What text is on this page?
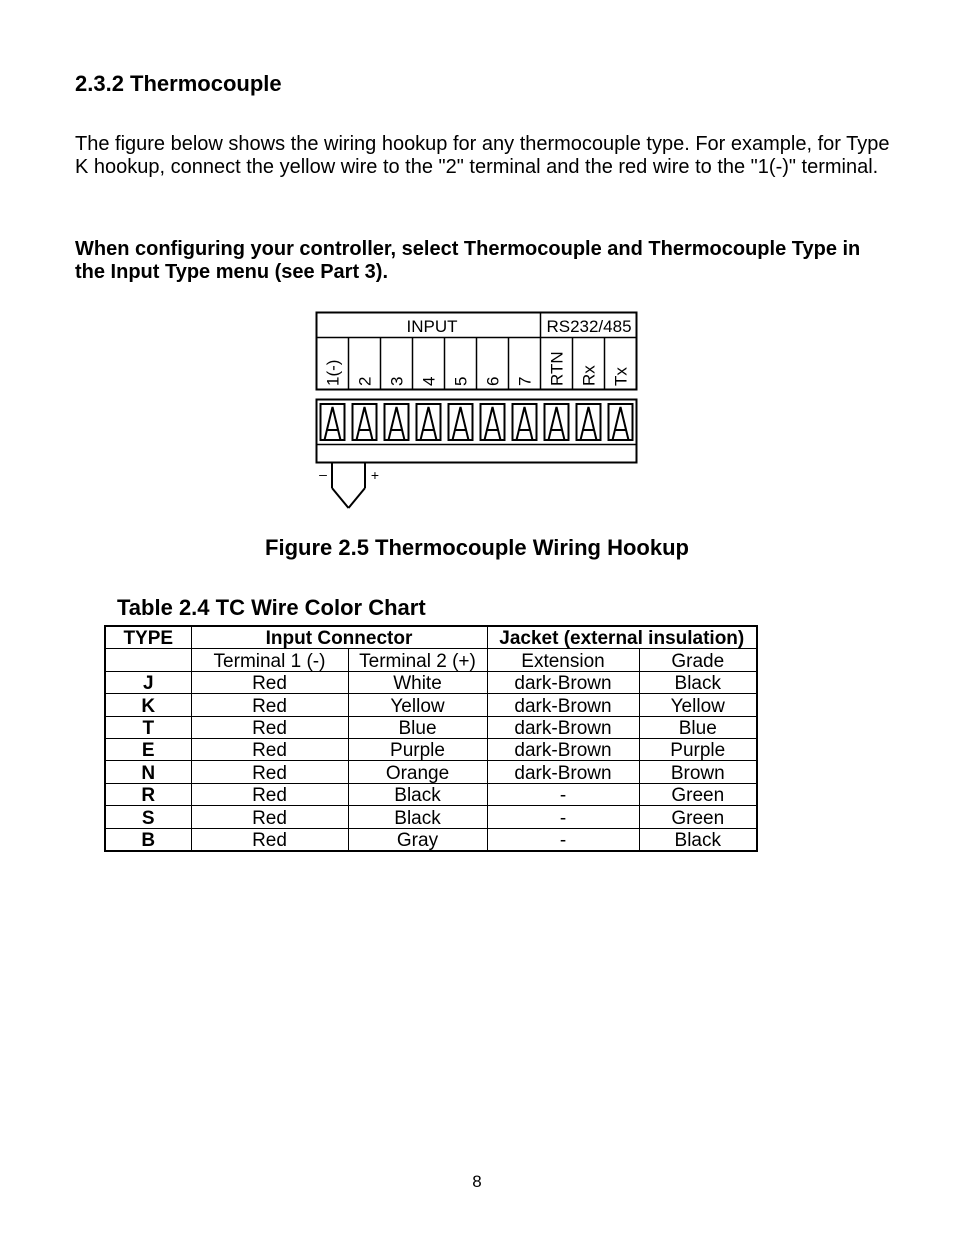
2.3.2 Thermocouple
The figure below shows the wiring hookup for any thermocouple type. For example, for Type K hookup, connect the yellow wire to the "2" terminal and the red wire to the "1(-)" terminal.
When configuring your controller, select Thermocouple and Thermocouple Type in the Input Type menu (see Part 3).
INPUT	RS232/485
1(-) 2 3 4 5 6 7 RTN Rx Tx
–	+
Figure 2.5 Thermocouple Wiring Hookup
Table 2.4 TC Wire Color Chart
TYPE	Input Connector		Jacket (external insulation)	
	Terminal 1 (-)	Terminal 2 (+)	Extension	Grade
J	Red	White	dark-Brown	Black
K	Red	Yellow	dark-Brown	Yellow
T	Red	Blue	dark-Brown	Blue
E	Red	Purple	dark-Brown	Purple
N	Red	Orange	dark-Brown	Brown
R	Red	Black	-	Green
S	Red	Black	-	Green
B	Red	Gray	-	Black
8
